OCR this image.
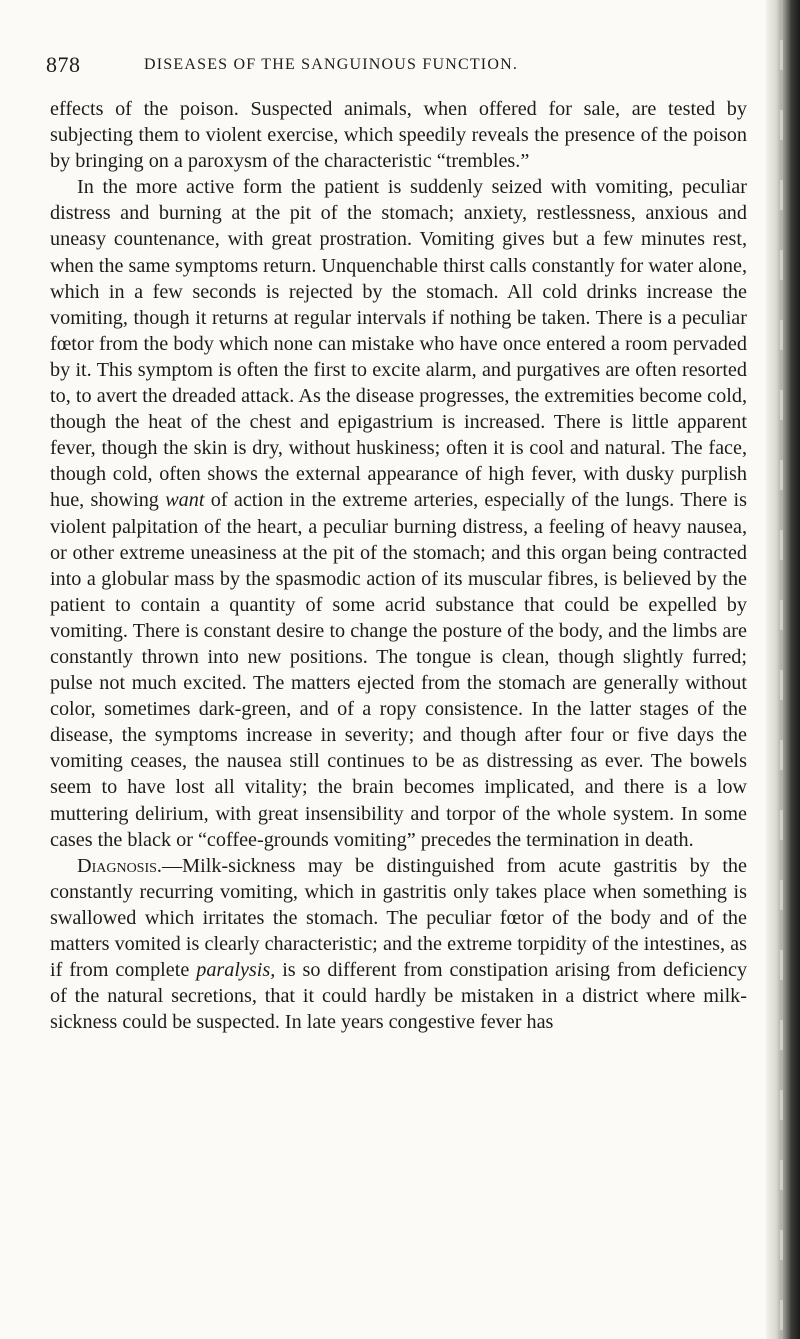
878	DISEASES OF THE SANGUINOUS FUNCTION.

effects of the poison. Suspected animals, when offered for sale, are tested by subjecting them to violent exercise, which speedily reveals the presence of the poison by bringing on a paroxysm of the characteristic “trembles.”

In the more active form the patient is suddenly seized with vomiting, peculiar distress and burning at the pit of the stomach; anxiety, restlessness, anxious and uneasy countenance, with great prostration. Vomiting gives but a few minutes rest, when the same symptoms return. Unquenchable thirst calls constantly for water alone, which in a few seconds is rejected by the stomach. All cold drinks increase the vomiting, though it returns at regular intervals if nothing be taken. There is a peculiar fœtor from the body which none can mistake who have once entered a room pervaded by it. This symptom is often the first to excite alarm, and purgatives are often resorted to, to avert the dreaded attack. As the disease progresses, the extremities become cold, though the heat of the chest and epigastrium is increased. There is little apparent fever, though the skin is dry, without huskiness; often it is cool and natural. The face, though cold, often shows the external appearance of high fever, with dusky purplish hue, showing want of action in the extreme arteries, especially of the lungs. There is violent palpitation of the heart, a peculiar burning distress, a feeling of heavy nausea, or other extreme uneasiness at the pit of the stomach; and this organ being contracted into a globular mass by the spasmodic action of its muscular fibres, is believed by the patient to contain a quantity of some acrid substance that could be expelled by vomiting. There is constant desire to change the posture of the body, and the limbs are constantly thrown into new positions. The tongue is clean, though slightly furred; pulse not much excited. The matters ejected from the stomach are generally without color, sometimes dark-green, and of a ropy consistence. In the latter stages of the disease, the symptoms increase in severity; and though after four or five days the vomiting ceases, the nausea still continues to be as distressing as ever. The bowels seem to have lost all vitality; the brain becomes implicated, and there is a low muttering delirium, with great insensibility and torpor of the whole system. In some cases the black or “coffee-grounds vomiting” precedes the termination in death.

Diagnosis.—Milk-sickness may be distinguished from acute gastritis by the constantly recurring vomiting, which in gastritis only takes place when something is swallowed which irritates the stomach. The peculiar fœtor of the body and of the matters vomited is clearly characteristic; and the extreme torpidity of the intestines, as if from complete paralysis, is so different from constipation arising from deficiency of the natural secretions, that it could hardly be mistaken in a district where milk-sickness could be suspected. In late years congestive fever has
